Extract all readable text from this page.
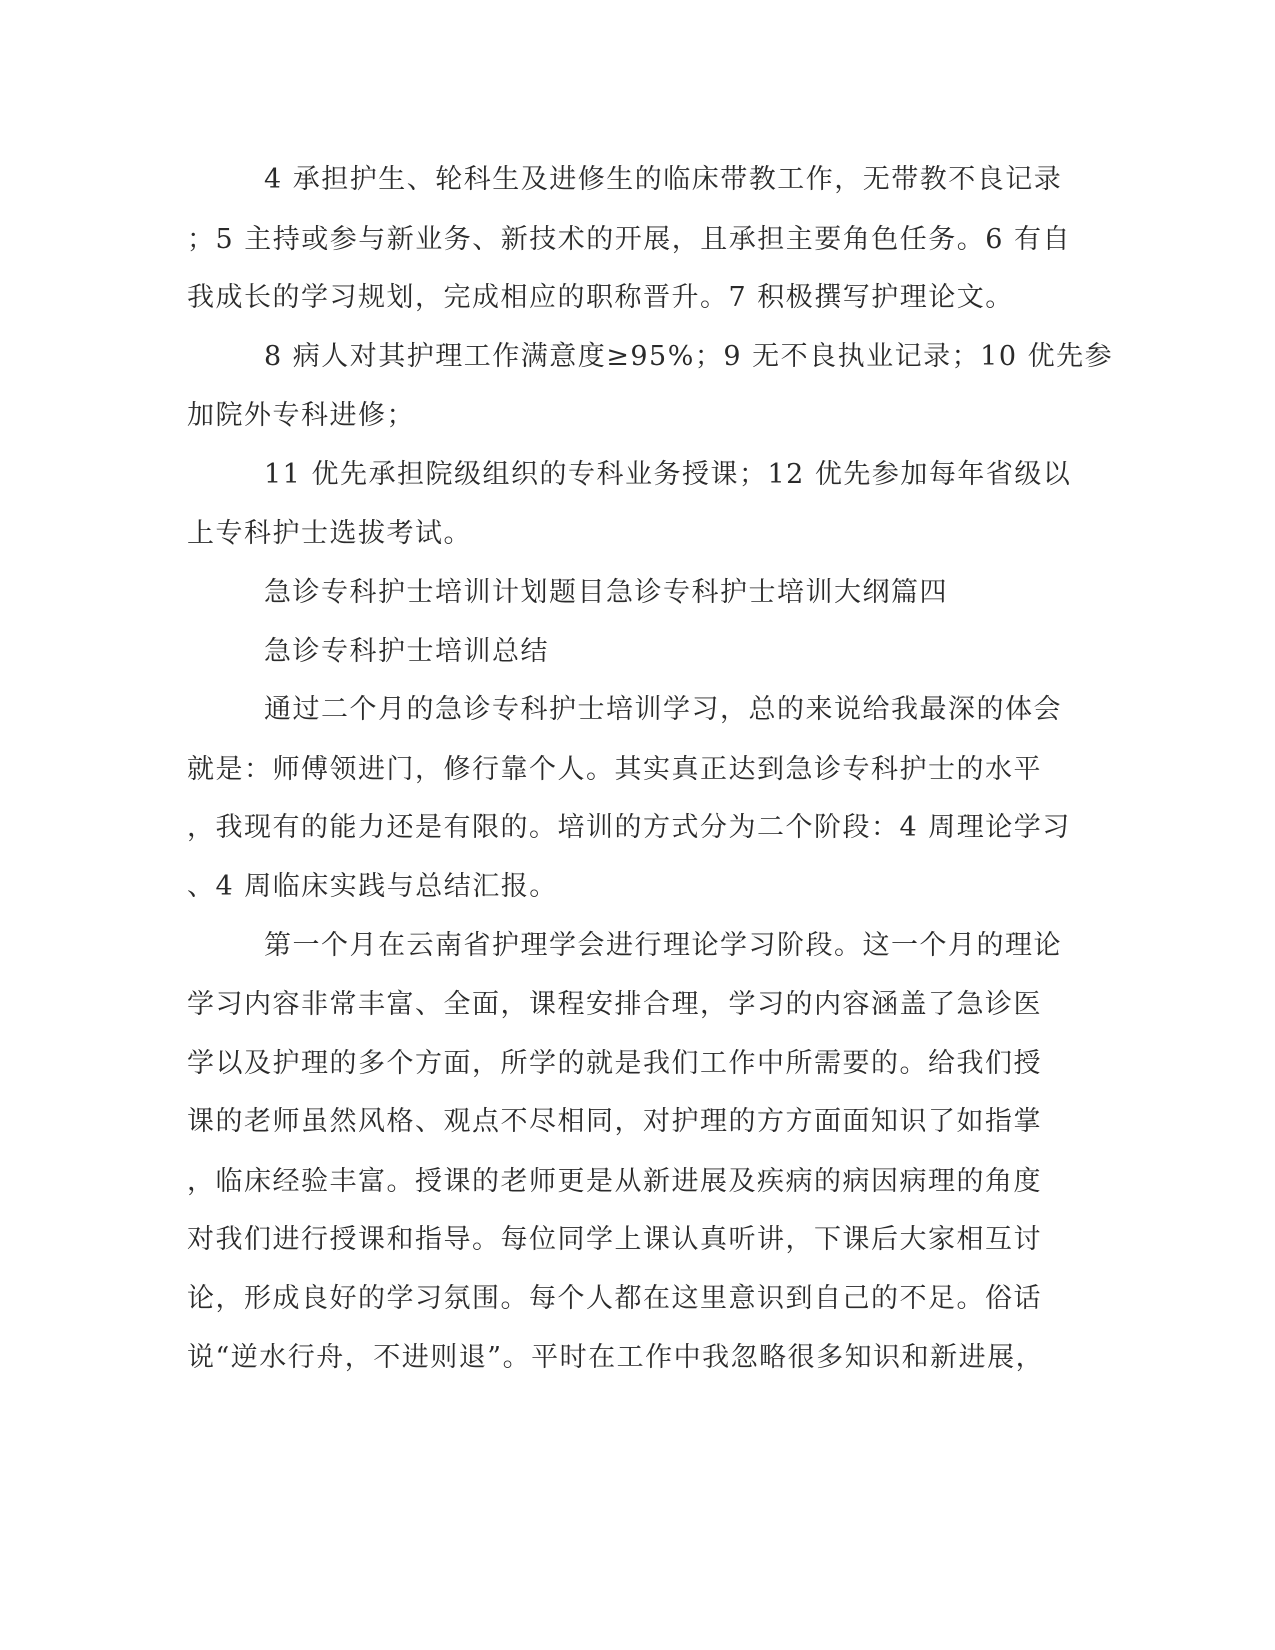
4 承担护生、轮科生及进修生的临床带教工作，无带教不良记录
；5 主持或参与新业务、新技术的开展，且承担主要角色任务。6 有自
我成长的学习规划，完成相应的职称晋升。7 积极撰写护理论文。
8 病人对其护理工作满意度≥95%；9 无不良执业记录；10 优先参
加院外专科进修；
11 优先承担院级组织的专科业务授课；12 优先参加每年省级以
上专科护士选拔考试。
急诊专科护士培训计划题目急诊专科护士培训大纲篇四
急诊专科护士培训总结
通过二个月的急诊专科护士培训学习，总的来说给我最深的体会
就是：师傅领进门，修行靠个人。其实真正达到急诊专科护士的水平
，我现有的能力还是有限的。培训的方式分为二个阶段：4 周理论学习
、4 周临床实践与总结汇报。
第一个月在云南省护理学会进行理论学习阶段。这一个月的理论
学习内容非常丰富、全面，课程安排合理，学习的内容涵盖了急诊医
学以及护理的多个方面，所学的就是我们工作中所需要的。给我们授
课的老师虽然风格、观点不尽相同，对护理的方方面面知识了如指掌
，临床经验丰富。授课的老师更是从新进展及疾病的病因病理的角度
对我们进行授课和指导。每位同学上课认真听讲，下课后大家相互讨
论，形成良好的学习氛围。每个人都在这里意识到自己的不足。俗话
说“逆水行舟，不进则退”。平时在工作中我忽略很多知识和新进展，
